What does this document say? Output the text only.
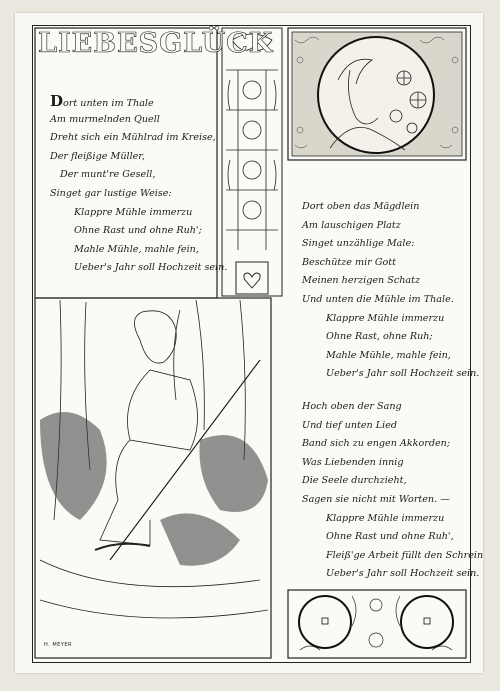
LIEBESGLÜCK
Dort unten im Thale
Am murmelnden Quell
Dreht sich ein Mühlrad im Kreise,
Der fleißige Müller,
Der munt're Gesell,
Singet gar lustige Weise:
Klappre Mühle immerzu
Ohne Rast und ohne Ruh';
Mahle Mühle, mahle fein,
Ueber's Jahr soll Hochzeit sein.
Dort oben das Mägdlein
Am lauschigen Platz
Singet unzählige Male:
Beschütze mir Gott
Meinen herzigen Schatz
Und unten die Mühle im Thale.
Klappre Mühle immerzu
Ohne Rast, ohne Ruh;
Mahle Mühle, mahle fein,
Ueber's Jahr soll Hochzeit sein.
Hoch oben der Sang
Und tief unten Lied
Band sich zu engen Akkorden;
Was Liebenden innig
Die Seele durchzieht,
Sagen sie nicht mit Worten. —
Klappre Mühle immerzu
Ohne Rast und ohne Ruh',
Fleiß'ge Arbeit füllt den Schrein
Ueber's Jahr soll Hochzeit sein.
H. MEYER
